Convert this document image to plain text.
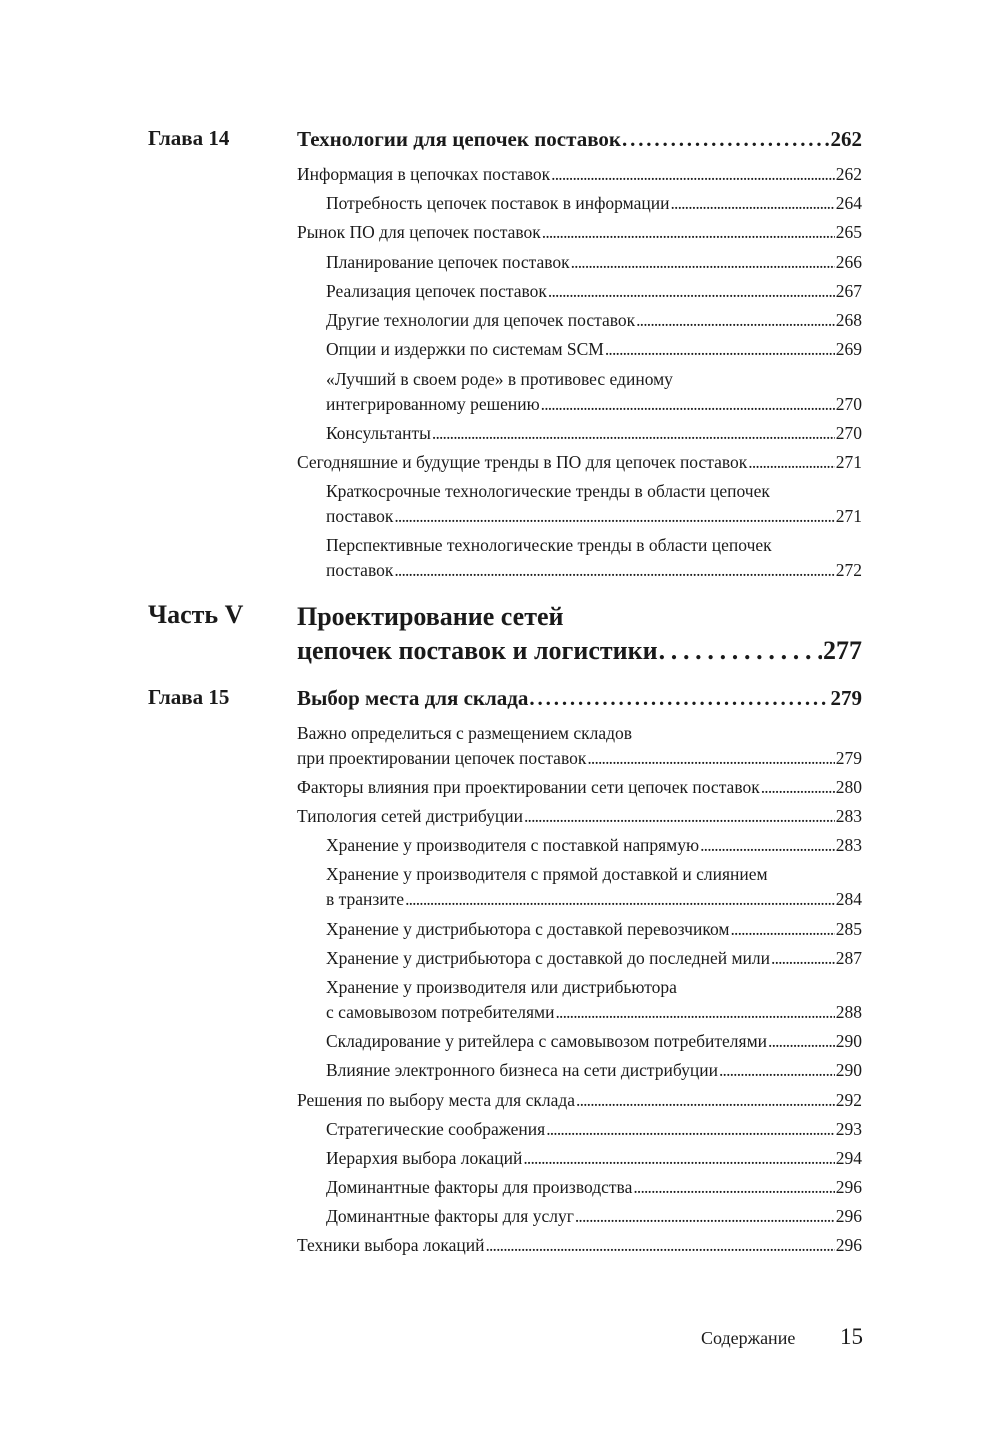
Глава 14	Технологии для цепочек поставок . . .	262
Информация в цепочках поставок . . .	262
Потребность цепочек поставок в информации . . .	264
Рынок ПО для цепочек поставок . . .	265
Планирование цепочек поставок . . .	266
Реализация цепочек поставок . . .	267
Другие технологии для цепочек поставок . . .	268
Опции и издержки по системам SCM . . .	269
«Лучший в своем роде» в противовес единому
интегрированному решению . . .	270
Консультанты . . .	270
Сегодняшние и будущие тренды в ПО для цепочек поставок . . .	271
Краткосрочные технологические тренды в области цепочек
поставок . . .	271
Перспективные технологические тренды в области цепочек
поставок . . .	272
Часть V Проектирование сетей
цепочек поставок и логистики . . .	277
Глава 15	Выбор места для склада . . .	279
Важно определиться с размещением складов
при проектировании цепочек поставок . . .	279
Факторы влияния при проектировании сети цепочек поставок . . .	280
Типология сетей дистрибуции . . .	283
Хранение у производителя с поставкой напрямую . . .	283
Хранение у производителя с прямой доставкой и слиянием
в транзите . . .	284
Хранение у дистрибьютора с доставкой перевозчиком . . .	285
Хранение у дистрибьютора с доставкой до последней мили . . .	287
Хранение у производителя или дистрибьютора
с самовывозом потребителями . . .	288
Складирование у ритейлера с самовывозом потребителями . . .	290
Влияние электронного бизнеса на сети дистрибуции . . .	290
Решения по выбору места для склада . . .	292
Стратегические соображения . . .	293
Иерархия выбора локаций . . .	294
Доминантные факторы для производства . . .	296
Доминантные факторы для услуг . . .	296
Техники выбора локаций . . .	296
Содержание 15
